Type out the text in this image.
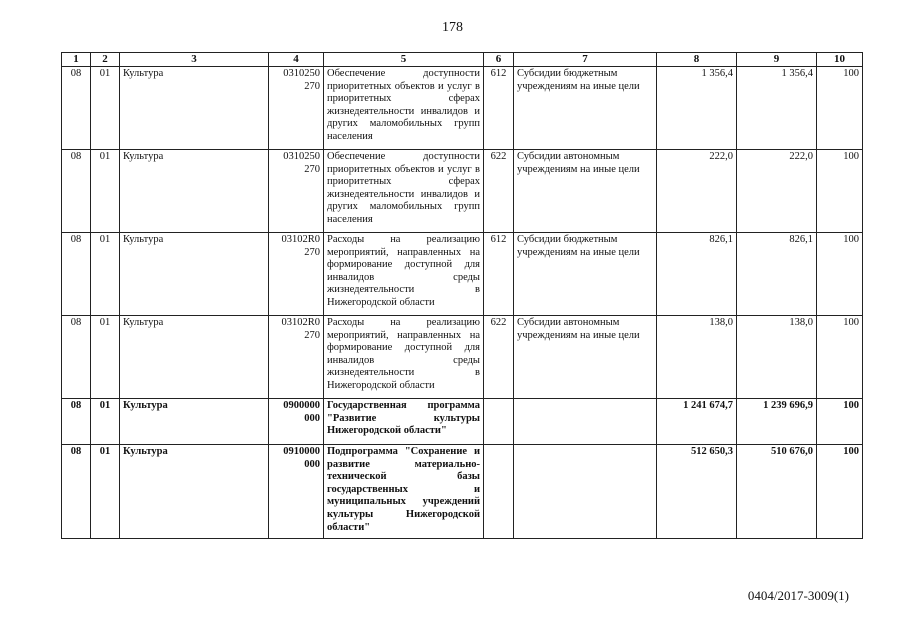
178
1	2	3	4	5	6	7	8	9	10
08	01	Культура	0310250 270	Обеспечение доступности приоритетных объектов и услуг в приоритетных сферах жизнедеятельности инвалидов и других маломобильных групп населения	612	Субсидии бюджетным учреждениям на иные цели	1 356,4	1 356,4	100
08	01	Культура	0310250 270	Обеспечение доступности приоритетных объектов и услуг в приоритетных сферах жизнедеятельности инвалидов и других маломобильных групп населения	622	Субсидии автономным учреждениям на иные цели	222,0	222,0	100
08	01	Культура	03102R0 270	Расходы на реализацию мероприятий, направленных на формирование доступной для инвалидов среды жизнедеятельности в Нижегородской области	612	Субсидии бюджетным учреждениям на иные цели	826,1	826,1	100
08	01	Культура	03102R0 270	Расходы на реализацию мероприятий, направленных на формирование доступной для инвалидов среды жизнедеятельности в Нижегородской области	622	Субсидии автономным учреждениям на иные цели	138,0	138,0	100
08	01	Культура	0900000 000	Государственная программа "Развитие культуры Нижегородской области"			1 241 674,7	1 239 696,9	100
08	01	Культура	0910000 000	Подпрограмма "Сохранение и развитие материально-технической базы государственных и муниципальных учреждений культуры Нижегородской области"			512 650,3	510 676,0	100
0404/2017-3009(1)
